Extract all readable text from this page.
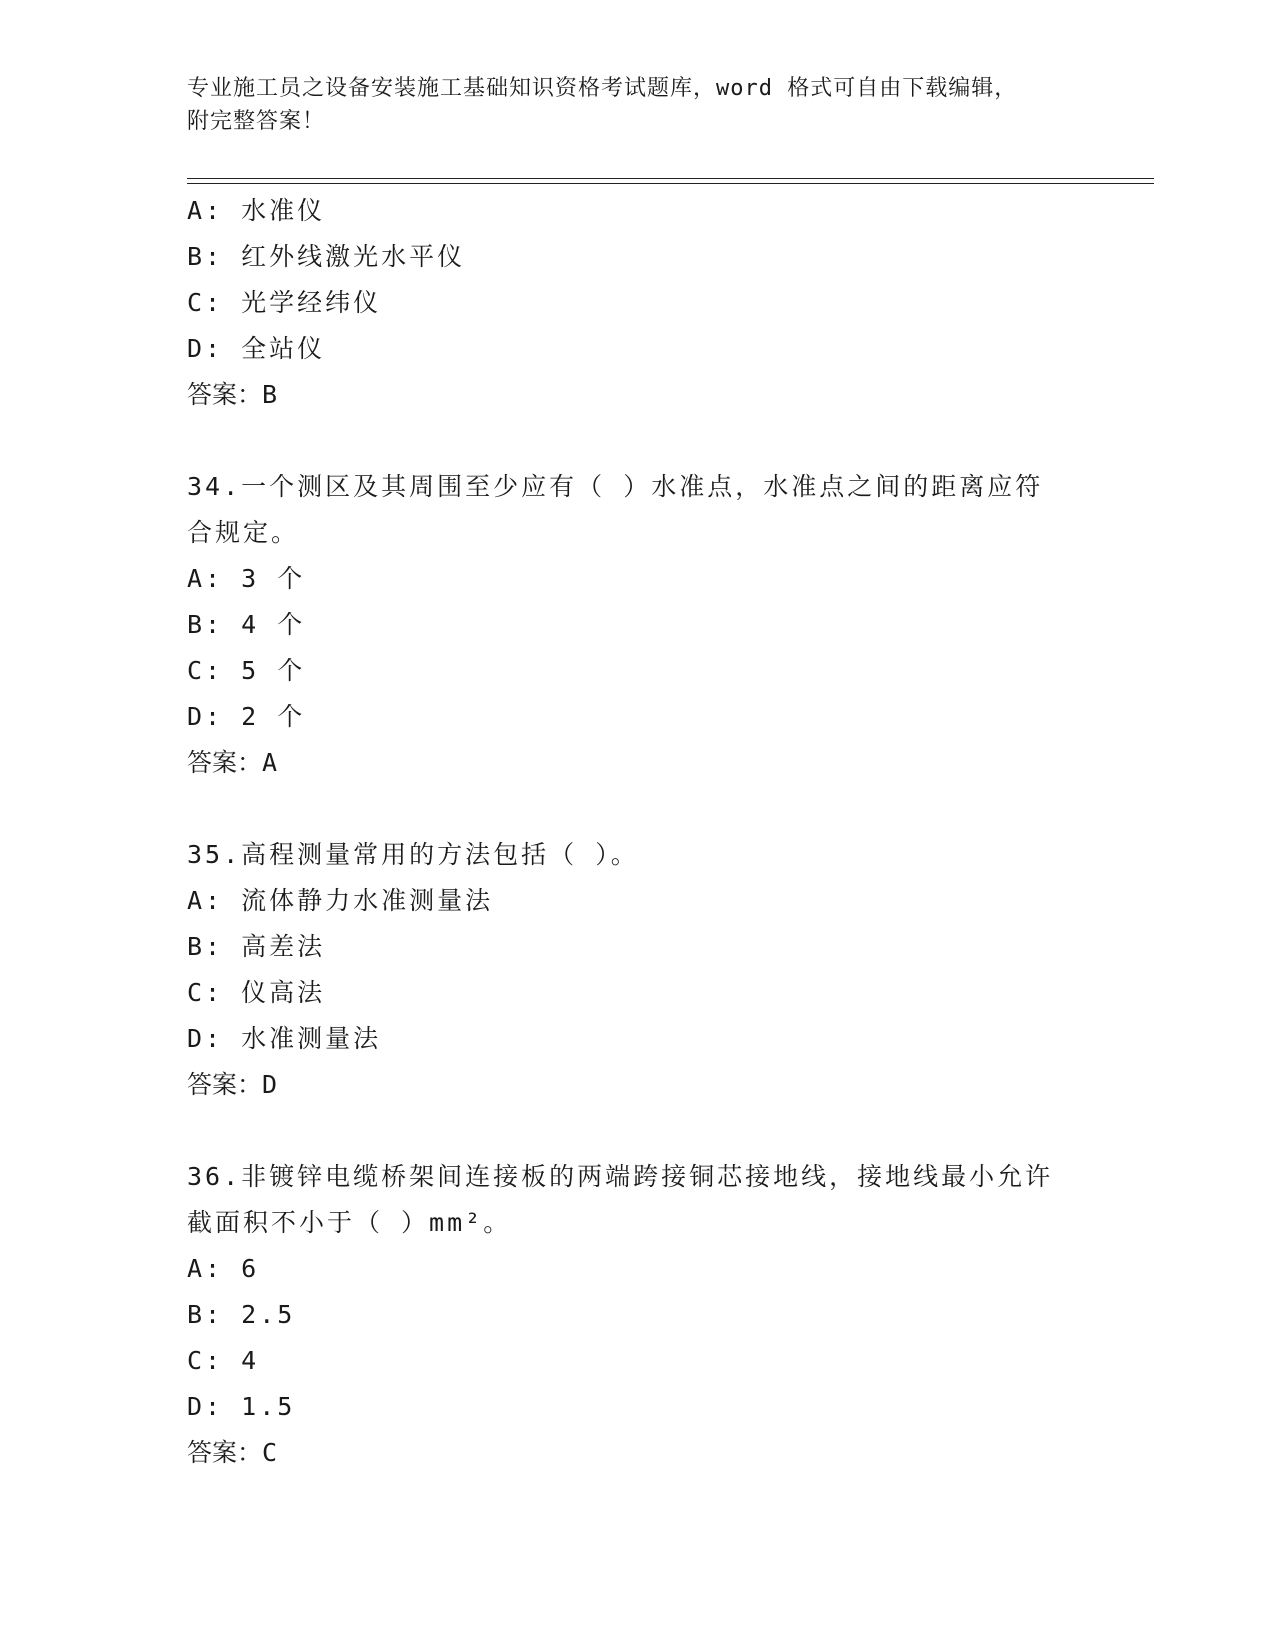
专业施工员之设备安装施工基础知识资格考试题库，word 格式可自由下载编辑，
附完整答案！
A: 水准仪
B: 红外线激光水平仪
C: 光学经纬仪
D: 全站仪
答案：B
34.一个测区及其周围至少应有（ ）水准点，水准点之间的距离应符
合规定。
A: 3 个
B: 4 个
C: 5 个
D: 2 个
答案：A
35.高程测量常用的方法包括（ ）。
A: 流体静力水准测量法
B: 高差法
C: 仪高法
D: 水准测量法
答案：D
36.非镀锌电缆桥架间连接板的两端跨接铜芯接地线，接地线最小允许
截面积不小于（ ）mm²。
A: 6
B: 2.5
C: 4
D: 1.5
答案：C
